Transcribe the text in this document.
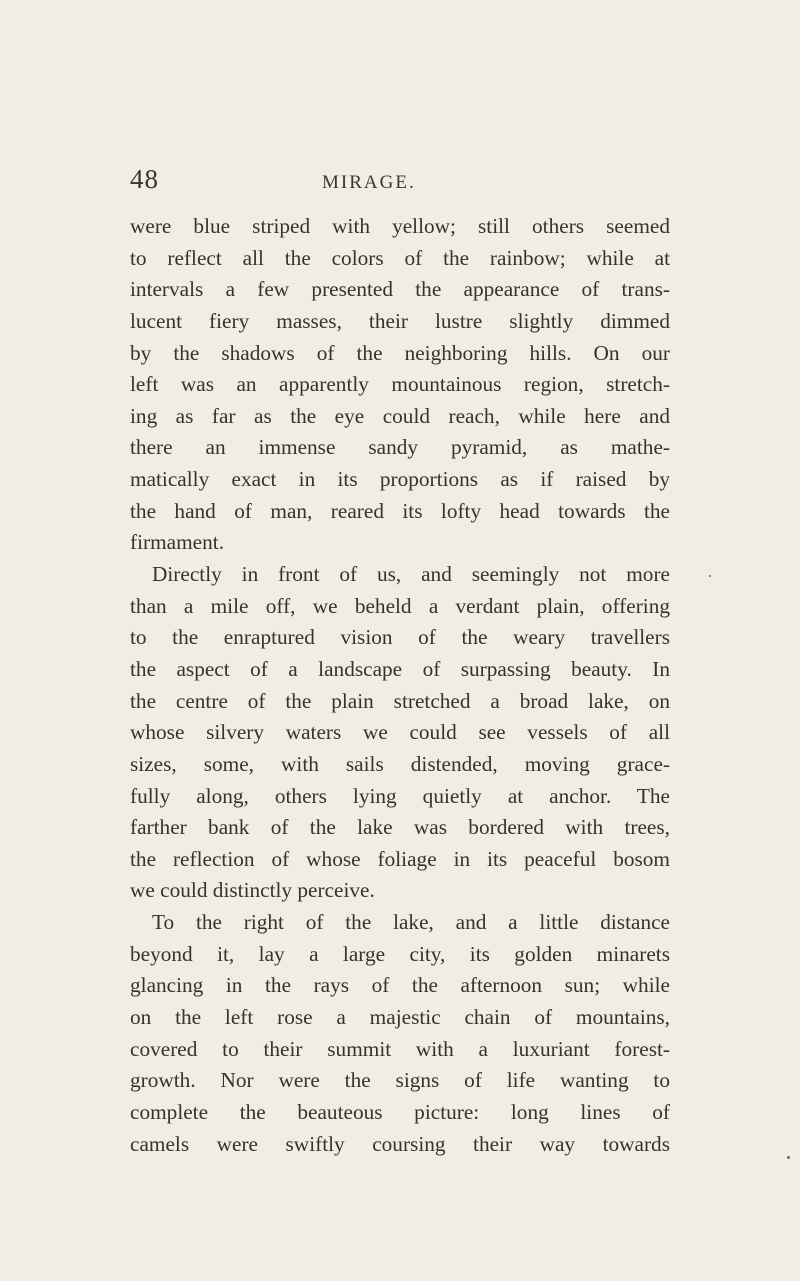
48	MIRAGE.
were blue striped with yellow; still others seemed
to reflect all the colors of the rainbow; while at
intervals a few presented the appearance of trans-
lucent fiery masses, their lustre slightly dimmed
by the shadows of the neighboring hills. On our
left was an apparently mountainous region, stretch-
ing as far as the eye could reach, while here and
there an immense sandy pyramid, as mathe-
matically exact in its proportions as if raised by
the hand of man, reared its lofty head towards the
firmament.
Directly in front of us, and seemingly not more
than a mile off, we beheld a verdant plain, offering
to the enraptured vision of the weary travellers
the aspect of a landscape of surpassing beauty. In
the centre of the plain stretched a broad lake, on
whose silvery waters we could see vessels of all
sizes, some, with sails distended, moving grace-
fully along, others lying quietly at anchor. The
farther bank of the lake was bordered with trees,
the reflection of whose foliage in its peaceful bosom
we could distinctly perceive.
To the right of the lake, and a little distance
beyond it, lay a large city, its golden minarets
glancing in the rays of the afternoon sun; while
on the left rose a majestic chain of mountains,
covered to their summit with a luxuriant forest-
growth. Nor were the signs of life wanting to
complete the beauteous picture: long lines of
camels were swiftly coursing their way towards
